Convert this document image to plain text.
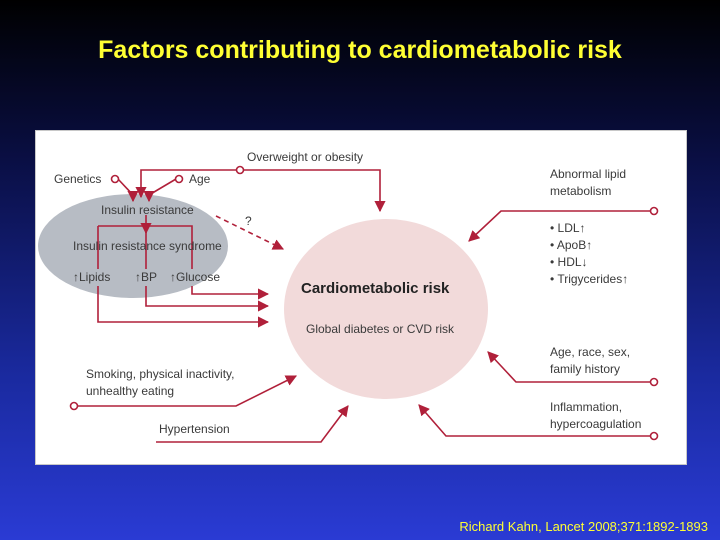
Factors contributing to cardiometabolic risk
Cardiometabolic risk
Global diabetes or CVD risk
Insulin resistance
Insulin resistance syndrome
↑Lipids ↑BP ↑Glucose
?
Genetics	Age
Overweight or obesity
Smoking, physical inactivity,
unhealthy eating
Hypertension
Abnormal lipid
metabolism
• LDL↑
• ApoB↑
• HDL↓
• Trigycerides↑
Age, race, sex,
family history
Inflammation,
hypercoagulation
Richard Kahn, Lancet 2008;371:1892-1893
